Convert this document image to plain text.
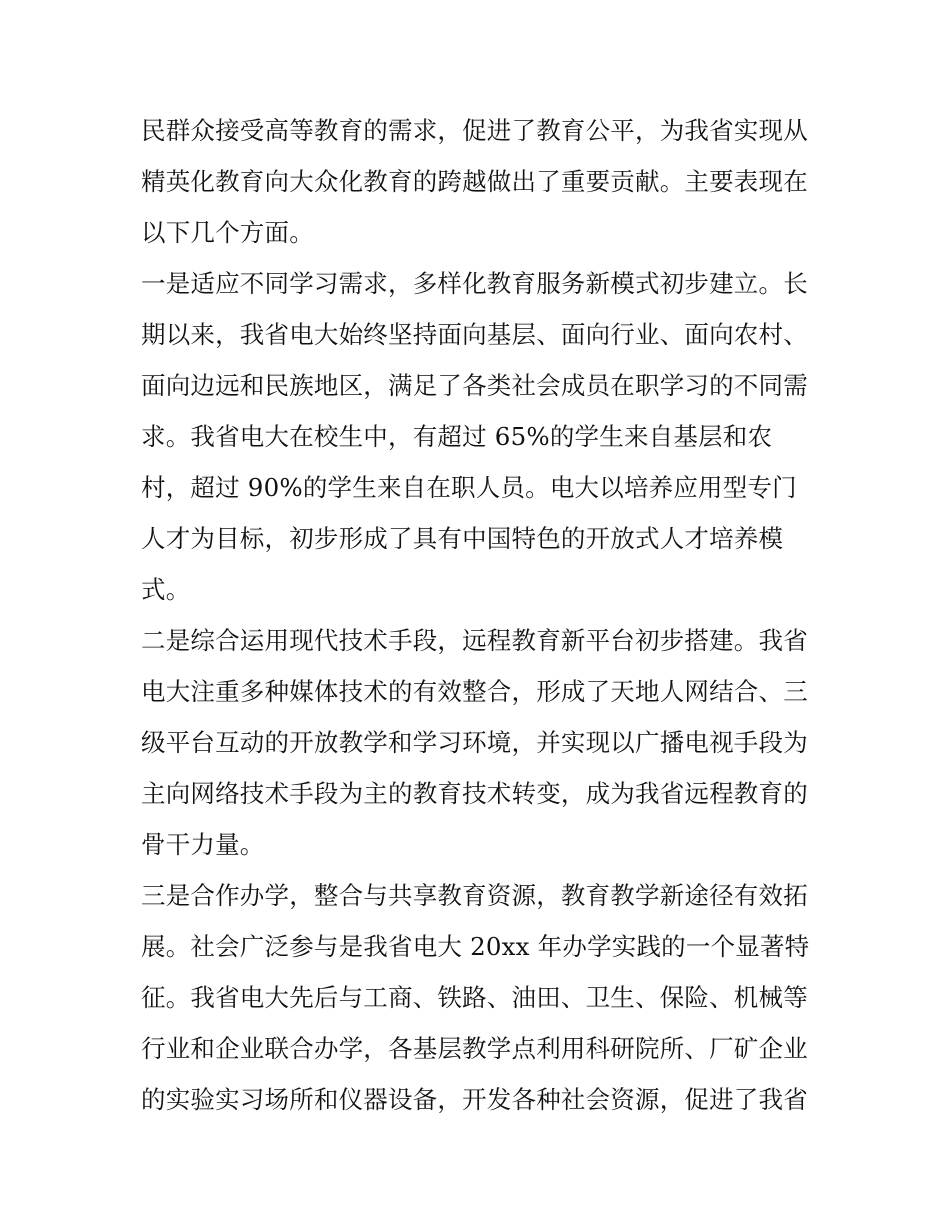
民群众接受高等教育的需求，促进了教育公平，为我省实现从
精英化教育向大众化教育的跨越做出了重要贡献。主要表现在
以下几个方面。
一是适应不同学习需求，多样化教育服务新模式初步建立。长
期以来，我省电大始终坚持面向基层、面向行业、面向农村、
面向边远和民族地区，满足了各类社会成员在职学习的不同需
求。我省电大在校生中，有超过 65%的学生来自基层和农
村，超过 90%的学生来自在职人员。电大以培养应用型专门
人才为目标，初步形成了具有中国特色的开放式人才培养模
式。
二是综合运用现代技术手段，远程教育新平台初步搭建。我省
电大注重多种媒体技术的有效整合，形成了天地人网结合、三
级平台互动的开放教学和学习环境，并实现以广播电视手段为
主向网络技术手段为主的教育技术转变，成为我省远程教育的
骨干力量。
三是合作办学，整合与共享教育资源，教育教学新途径有效拓
展。社会广泛参与是我省电大 20xx 年办学实践的一个显著特
征。我省电大先后与工商、铁路、油田、卫生、保险、机械等
行业和企业联合办学，各基层教学点利用科研院所、厂矿企业
的实验实习场所和仪器设备，开发各种社会资源，促进了我省
